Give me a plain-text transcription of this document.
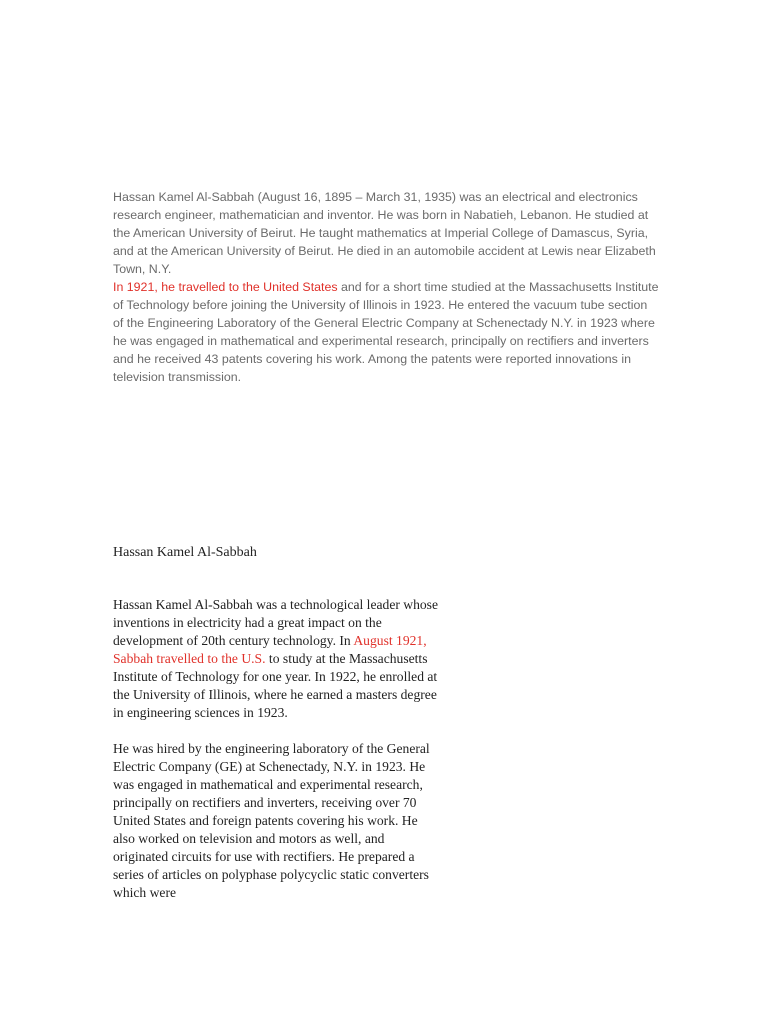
Hassan Kamel Al-Sabbah (August 16, 1895 – March 31, 1935) was an electrical and electronics research engineer, mathematician and inventor. He was born in Nabatieh, Lebanon. He studied at the American University of Beirut. He taught mathematics at Imperial College of Damascus, Syria, and at the American University of Beirut. He died in an automobile accident at Lewis near Elizabeth Town, N.Y.

In 1921, he travelled to the United States and for a short time studied at the Massachusetts Institute of Technology before joining the University of Illinois in 1923. He entered the vacuum tube section of the Engineering Laboratory of the General Electric Company at Schenectady N.Y. in 1923 where he was engaged in mathematical and experimental research, principally on rectifiers and inverters and he received 43 patents covering his work. Among the patents were reported innovations in television transmission.

Hassan Kamel Al-Sabbah

Hassan Kamel Al-Sabbah was a technological leader whose inventions in electricity had a great impact on the development of 20th century technology. In August 1921, Sabbah travelled to the U.S. to study at the Massachusetts Institute of Technology for one year. In 1922, he enrolled at the University of Illinois, where he earned a masters degree in engineering sciences in 1923.

He was hired by the engineering laboratory of the General Electric Company (GE) at Schenectady, N.Y. in 1923. He was engaged in mathematical and experimental research, principally on rectifiers and inverters, receiving over 70 United States and foreign patents covering his work. He also worked on television and motors as well, and originated circuits for use with rectifiers. He prepared a series of articles on polyphase polycyclic static converters which were
